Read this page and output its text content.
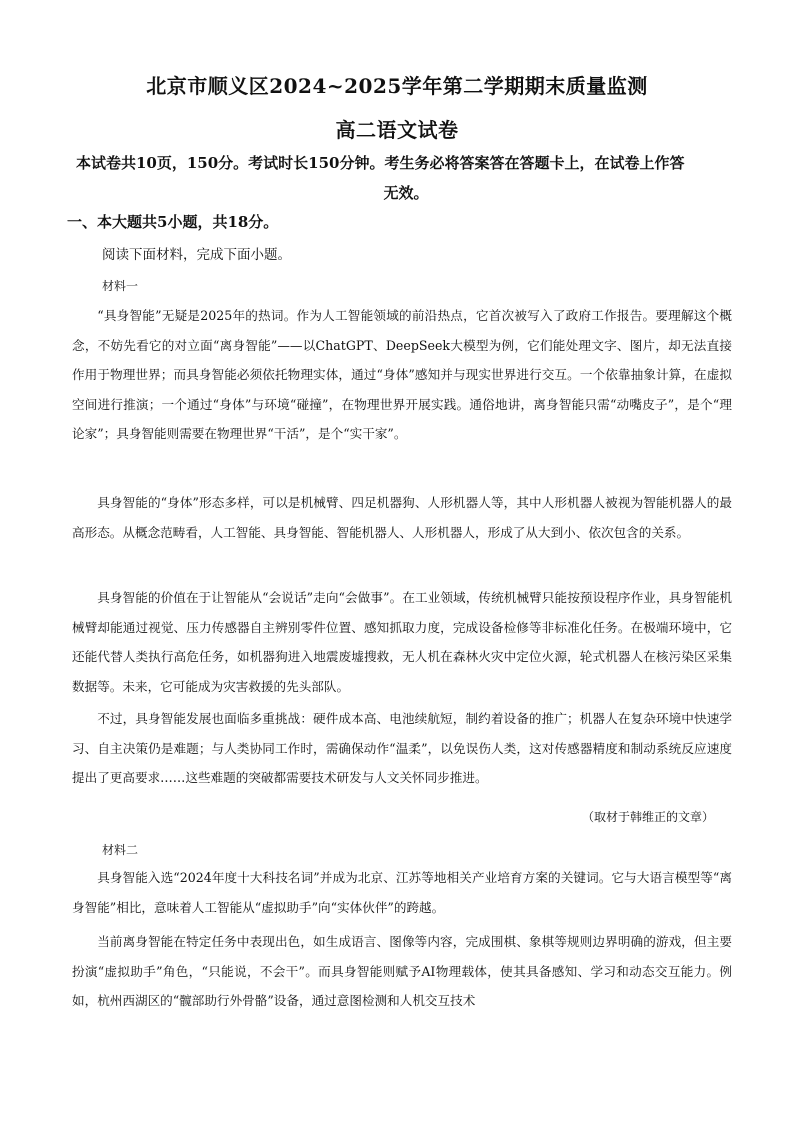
北京市顺义区2024~2025学年第二学期期末质量监测
高二语文试卷
本试卷共10页，150分。考试时长150分钟。考生务必将答案答在答题卡上，在试卷上作答
无效。
一、本大题共5小题，共18分。
阅读下面材料，完成下面小题。
材料一

“具身智能”无疑是2025年的热词。作为人工智能领域的前沿热点，它首次被写入了政府工作报告。要理解这个概念，不妨先看它的对立面“离身智能”——以ChatGPT、DeepSeek大模型为例，它们能处理文字、图片，却无法直接作用于物理世界；而具身智能必须依托物理实体，通过“身体”感知并与现实世界进行交互。一个依靠抽象计算，在虚拟空间进行推演；一个通过“身体”与环境“碰撞”，在物理世界开展实践。通俗地讲，离身智能只需“动嘴皮子”，是个“理论家”；具身智能则需要在物理世界“干活”，是个“实干家”。

具身智能的“身体”形态多样，可以是机械臂、四足机器狗、人形机器人等，其中人形机器人被视为智能机器人的最高形态。从概念范畴看，人工智能、具身智能、智能机器人、人形机器人，形成了从大到小、依次包含的关系。

具身智能的价值在于让智能从“会说话”走向“会做事”。在工业领域，传统机械臂只能按预设程序作业，具身智能机械臂却能通过视觉、压力传感器自主辨别零件位置、感知抓取力度，完成设备检修等非标准化任务。在极端环境中，它还能代替人类执行高危任务，如机器狗进入地震废墟搜救，无人机在森林火灾中定位火源，轮式机器人在核污染区采集数据等。未来，它可能成为灾害救援的先头部队。

不过，具身智能发展也面临多重挑战：硬件成本高、电池续航短，制约着设备的推广；机器人在复杂环境中快速学习、自主决策仍是难题；与人类协同工作时，需确保动作“温柔”，以免误伤人类，这对传感器精度和制动系统反应速度提出了更高要求……这些难题的突破都需要技术研发与人文关怀同步推进。

（取材于韩维正的文章）
材料二

具身智能入选“2024年度十大科技名词”并成为北京、江苏等地相关产业培育方案的关键词。它与大语言模型等“离身智能”相比，意味着人工智能从“虚拟助手”向“实体伙伴”的跨越。

当前离身智能在特定任务中表现出色，如生成语言、图像等内容，完成围棋、象棋等规则边界明确的游戏，但主要扮演“虚拟助手”角色，“只能说，不会干”。而具身智能则赋予AI物理载体，使其具备感知、学习和动态交互能力。例如，杭州西湖区的“髋部助行外骨骼”设备，通过意图检测和人机交互技术
